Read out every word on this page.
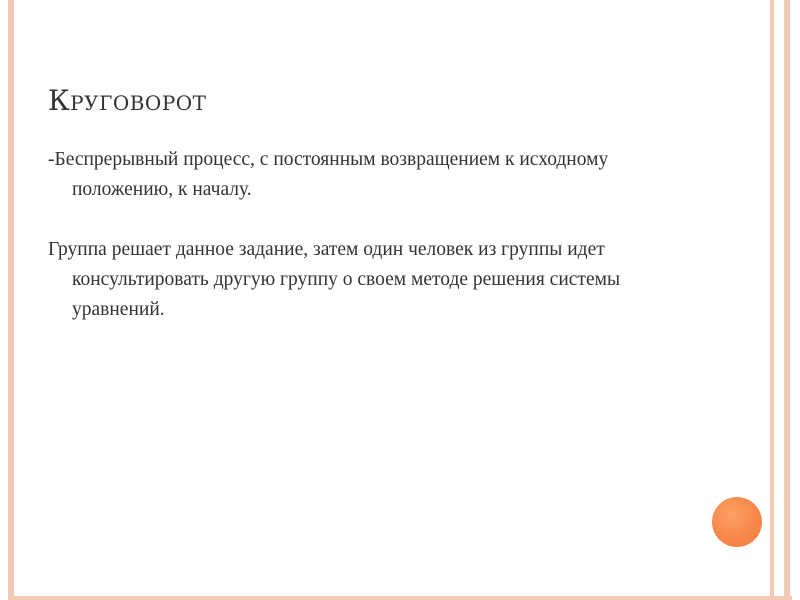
Круговорот

-Беспрерывный процесс, с постоянным возвращением к исходному положению, к началу.

Группа решает данное задание, затем один человек из группы идет консультировать другую группу о своем методе решения системы уравнений.
